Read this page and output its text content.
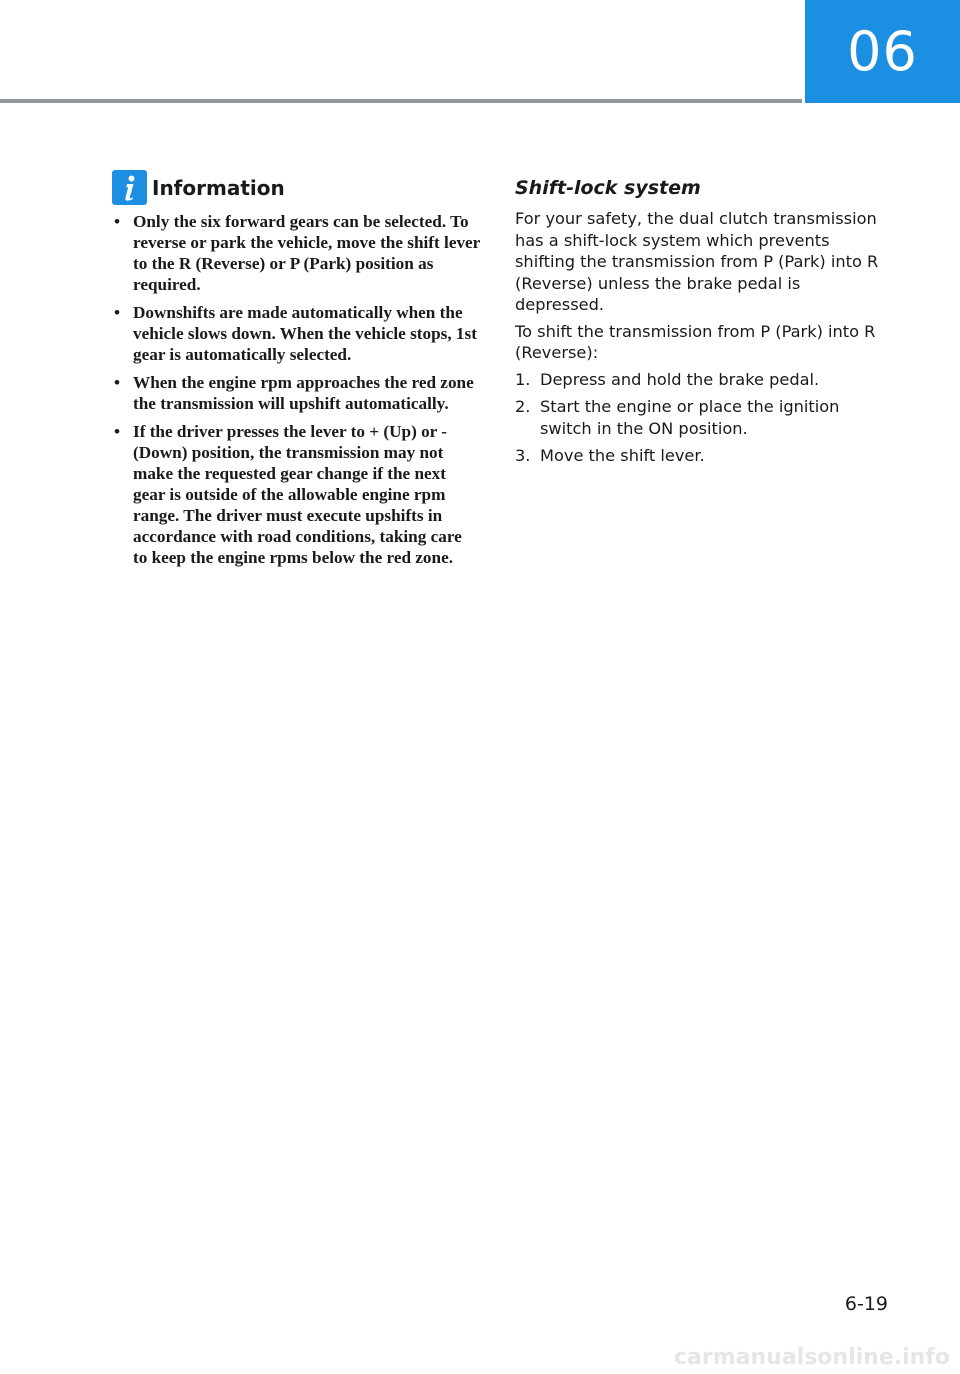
06
Information
• Only the six forward gears can be selected. To reverse or park the vehicle, move the shift lever to the R (Reverse) or P (Park) position as required.
• Downshifts are made automatically when the vehicle slows down. When the vehicle stops, 1st gear is automatically selected.
• When the engine rpm approaches the red zone the transmission will upshift automatically.
• If the driver presses the lever to + (Up) or - (Down) position, the transmission may not make the requested gear change if the next gear is outside of the allowable engine rpm range. The driver must execute upshifts in accordance with road conditions, taking care to keep the engine rpms below the red zone.
Shift-lock system

For your safety, the dual clutch transmission has a shift-lock system which prevents shifting the transmission from P (Park) into R (Reverse) unless the brake pedal is depressed.

To shift the transmission from P (Park) into R (Reverse):

1. Depress and hold the brake pedal.
2. Start the engine or place the ignition switch in the ON position.
3. Move the shift lever.
6-19
carmanualsonline.info
